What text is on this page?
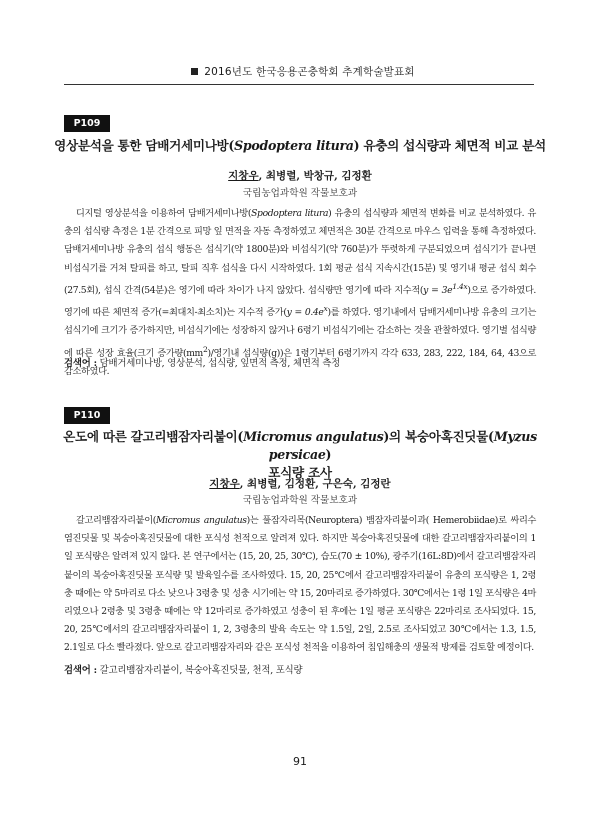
2016년도 한국응용곤충학회 추계학술발표회
P109
영상분석을 통한 담배거세미나방(Spodoptera litura) 유충의 섭식량과 체면적 비교 분석
지창우, 최병렬, 박창규, 김정환
국립농업과학원 작물보호과

디지털 영상분석을 이용하여 담배거세미나방(Spodoptera litura) 유충의 섭식량과 체면적 변화를 비교 분석하였다. 유충의 섭식량 측정은 1분 간격으로 피망 잎 면적을 자동 측정하였고 체면적은 30분 간격으로 마우스 입력을 통해 측정하였다. 담배거세미나방 유충의 섭식 행동은 섭식기(약 1800분)와 비섭식기(약 760분)가 뚜렷하게 구분되었으며 섭식기가 끝나면 비섭식기를 거쳐 탈피를 하고, 탈피 직후 섭식을 다시 시작하였다. 1회 평균 섭식 지속시간(15분) 및 영기내 평균 섭식 회수(27.5회), 섭식 간격(54분)은 영기에 따라 차이가 나지 않았다. 섭식량만 영기에 따라 지수적$(y = 3e^{1.4x})$으로 증가하였다. 영기에 따른 체면적 증가(=최대치-최소치)는 지수적 증가$(y = 0.4e^x)$를 하였다. 영기내에서 담배거세미나방 유충의 크기는 섭식기에 크기가 증가하지만, 비섭식기에는 성장하지 않거나 6령기 비섭식기에는 감소하는 것을 관찰하였다. 영기별 섭식량에 따른 성장 효율(크기 증가량$(mm^2)/$영기내 섭식량(g))은 1령기부터 6령기까지 각각 633, 283, 222, 184, 64, 43으로 감소하였다.

검색어 : 담배거세미나방, 영상분석, 섭식량, 잎면적 측정, 체면적 측정
P110
온도에 따른 갈고리뱀잠자리붙이(Micromus angulatus)의 복숭아혹진딧물(Myzus persicae)
포식량 조사
지창우, 최병렬, 김정환, 구은숙, 김정란
국립농업과학원 작물보호과

갈고리뱀잠자리붙이(Micromus angulatus)는 풀잠자리목(Neuroptera) 뱀잠자리붙이과( Hemerobiidae)로 싸리수염진딧물 및 복숭아혹진딧물에 대한 포식성 천적으로 알려져 있다. 하지만 복숭아혹진딧물에 대한 갈고리뱀잠자리붙이의 1일 포식량은 알려져 있지 않다. 본 연구에서는 (15, 20, 25, 30℃), 습도(70 ± 10%), 광주기(16L:8D)에서 갈고리뱀잠자리붙이의 복숭아혹진딧물 포식량 및 발육일수를 조사하였다. 15, 20, 25℃에서 갈고리뱀잠자리붙이 유충의 포식량은 1, 2령충 때에는 약 5마리로 다소 낮으나 3령충 및 성충 시기에는 약 15, 20마리로 증가하였다. 30℃에서는 1령 1일 포식량은 4마리였으나 2령충 및 3령충 때에는 약 12마리로 증가하였고 성충이 된 후에는 1일 평균 포식량은 22마리로 조사되었다. 15, 20, 25℃에서의 갈고리뱀잠자리붙이 1, 2, 3령충의 발육 속도는 약 1.5일, 2일, 2.5로 조사되었고 30℃에서는 1.3, 1.5, 2.1일로 다소 빨라졌다. 앞으로 갈고리뱀잠자리와 같은 포식성 천적을 이용하여 침입해충의 생물적 방제를 검토할 예정이다.

검색어 : 갈고리뱀잠자리붙이, 복숭아혹진딧물, 천적, 포식량
91
